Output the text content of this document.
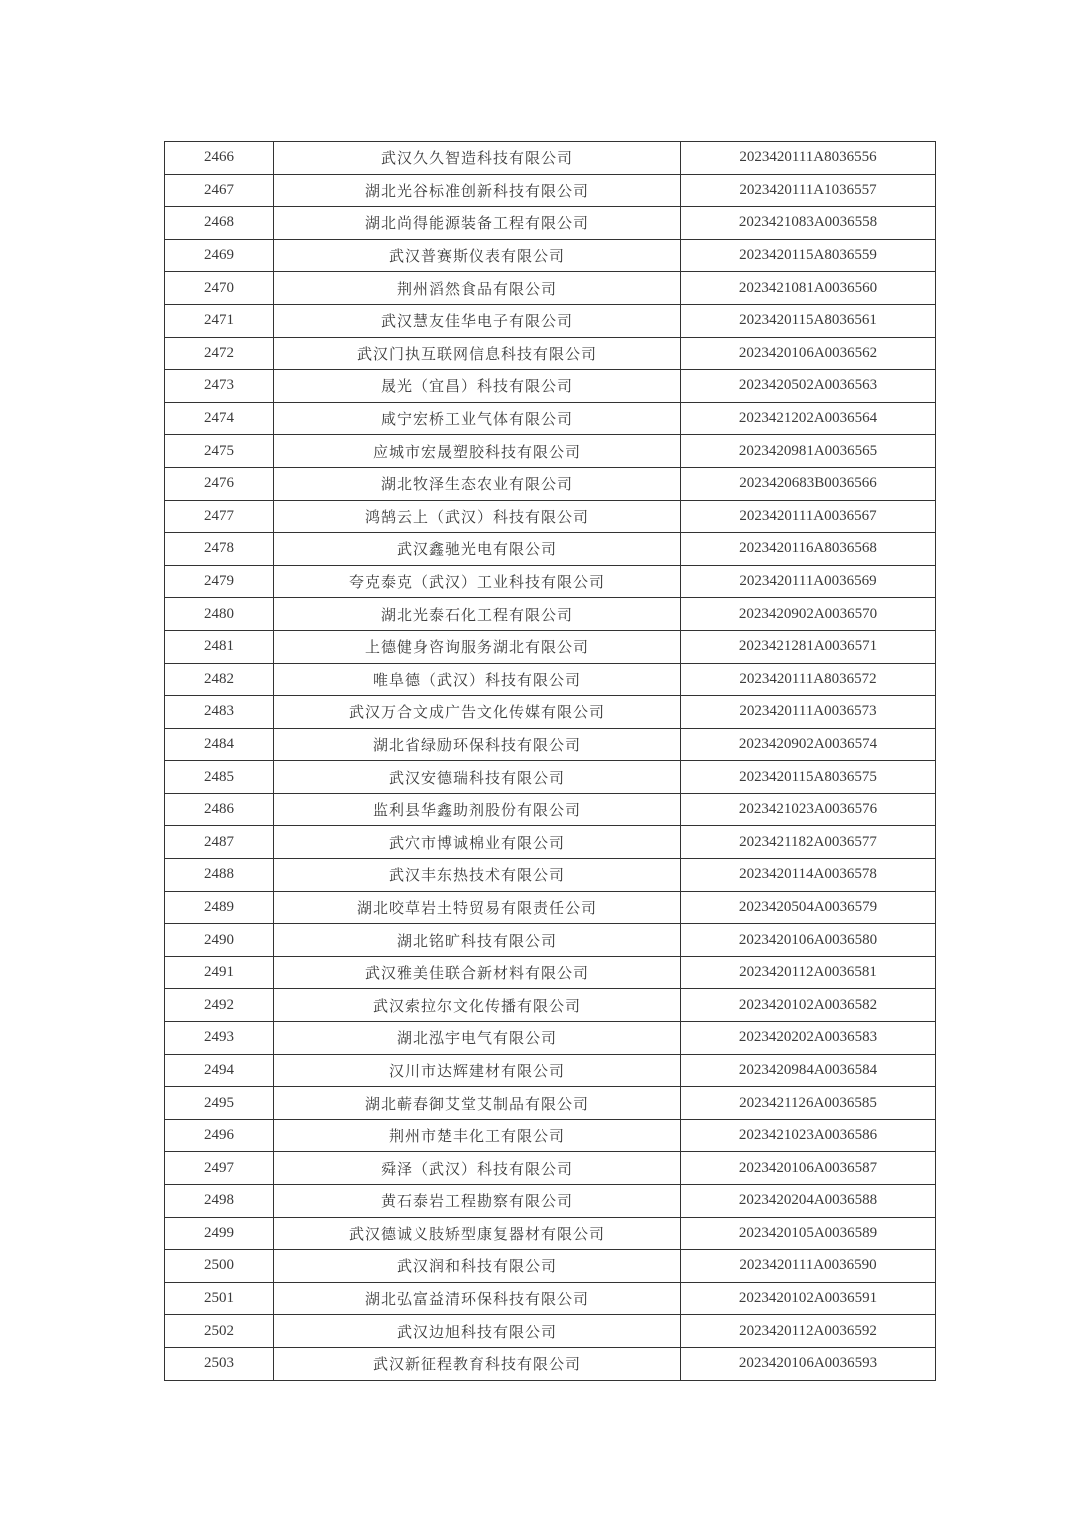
2466	武汉久久智造科技有限公司	2023420111A8036556
2467	湖北光谷标准创新科技有限公司	2023420111A1036557
2468	湖北尚得能源装备工程有限公司	2023421083A0036558
2469	武汉普赛斯仪表有限公司	2023420115A8036559
2470	荆州滔然食品有限公司	2023421081A0036560
2471	武汉慧友佳华电子有限公司	2023420115A8036561
2472	武汉门执互联网信息科技有限公司	2023420106A0036562
2473	晟光（宜昌）科技有限公司	2023420502A0036563
2474	咸宁宏桥工业气体有限公司	2023421202A0036564
2475	应城市宏晟塑胶科技有限公司	2023420981A0036565
2476	湖北牧泽生态农业有限公司	2023420683B0036566
2477	鸿鹄云上（武汉）科技有限公司	2023420111A0036567
2478	武汉鑫驰光电有限公司	2023420116A8036568
2479	夸克泰克（武汉）工业科技有限公司	2023420111A0036569
2480	湖北光泰石化工程有限公司	2023420902A0036570
2481	上德健身咨询服务湖北有限公司	2023421281A0036571
2482	唯阜德（武汉）科技有限公司	2023420111A8036572
2483	武汉万合文成广告文化传媒有限公司	2023420111A0036573
2484	湖北省绿励环保科技有限公司	2023420902A0036574
2485	武汉安德瑞科技有限公司	2023420115A8036575
2486	监利县华鑫助剂股份有限公司	2023421023A0036576
2487	武穴市博诚棉业有限公司	2023421182A0036577
2488	武汉丰东热技术有限公司	2023420114A0036578
2489	湖北咬草岩土特贸易有限责任公司	2023420504A0036579
2490	湖北铭旷科技有限公司	2023420106A0036580
2491	武汉雅美佳联合新材料有限公司	2023420112A0036581
2492	武汉索拉尔文化传播有限公司	2023420102A0036582
2493	湖北泓宇电气有限公司	2023420202A0036583
2494	汉川市达辉建材有限公司	2023420984A0036584
2495	湖北蕲春御艾堂艾制品有限公司	2023421126A0036585
2496	荆州市楚丰化工有限公司	2023421023A0036586
2497	舜泽（武汉）科技有限公司	2023420106A0036587
2498	黄石泰岩工程勘察有限公司	2023420204A0036588
2499	武汉德诚义肢矫型康复器材有限公司	2023420105A0036589
2500	武汉润和科技有限公司	2023420111A0036590
2501	湖北弘富益清环保科技有限公司	2023420102A0036591
2502	武汉边旭科技有限公司	2023420112A0036592
2503	武汉新征程教育科技有限公司	2023420106A0036593
